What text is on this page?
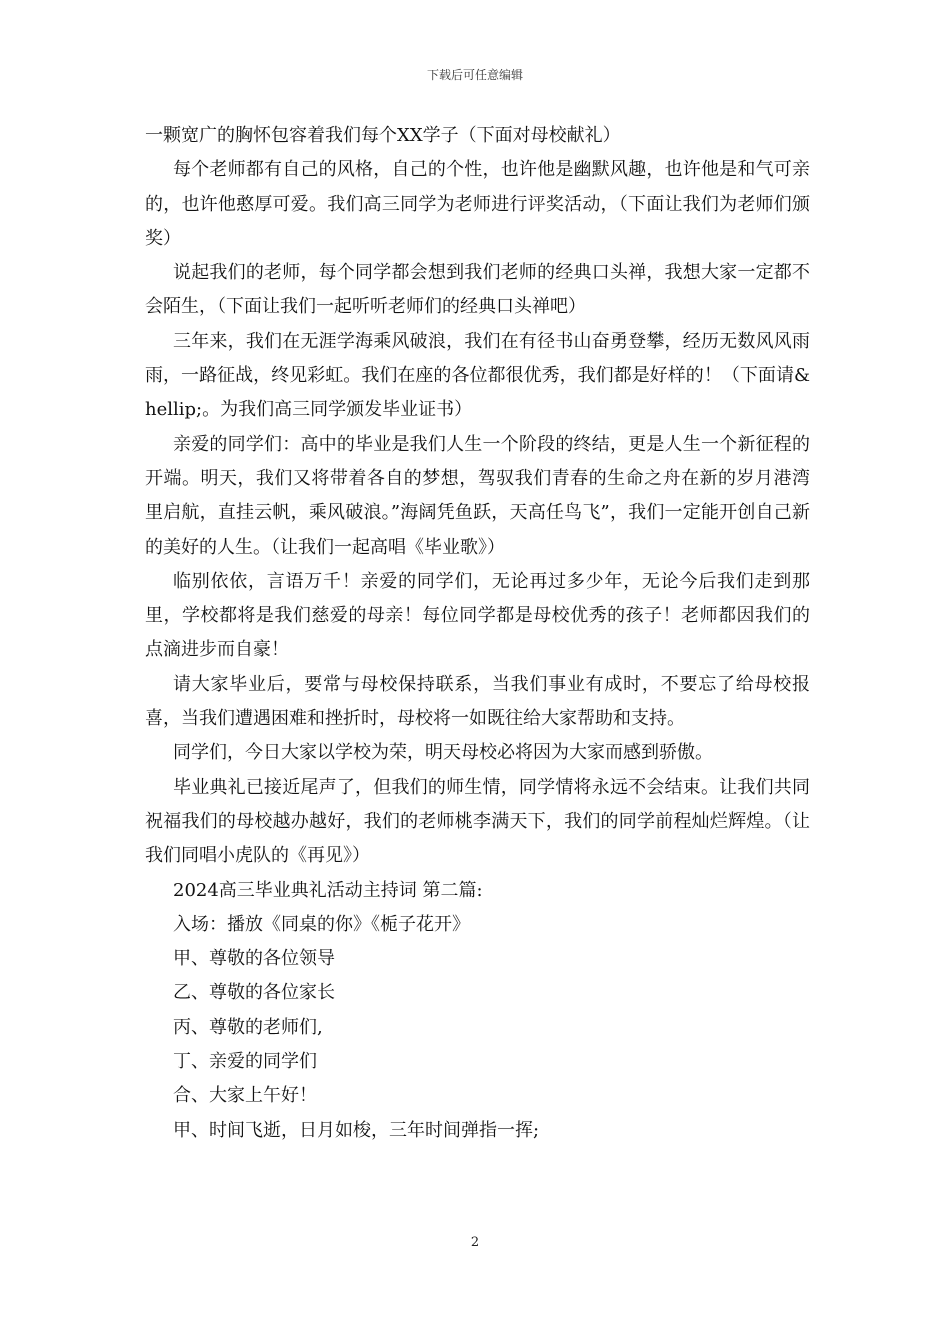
下载后可任意编辑

一颗宽广的胸怀包容着我们每个XX学子（下面对母校献礼）

每个老师都有自己的风格，自己的个性，也许他是幽默风趣，也许他是和气可亲的，也许他憨厚可爱。我们高三同学为老师进行评奖活动，（下面让我们为老师们颁奖）

说起我们的老师，每个同学都会想到我们老师的经典口头禅，我想大家一定都不会陌生，（下面让我们一起听听老师们的经典口头禅吧）

三年来，我们在无涯学海乘风破浪，我们在有径书山奋勇登攀，经历无数风风雨雨，一路征战，终见彩虹。我们在座的各位都很优秀，我们都是好样的！（下面请&hellip;。为我们高三同学颁发毕业证书）

亲爱的同学们：高中的毕业是我们人生一个阶段的终结，更是人生一个新征程的开端。明天，我们又将带着各自的梦想，驾驭我们青春的生命之舟在新的岁月港湾里启航，直挂云帆，乘风破浪。”海阔凭鱼跃，天高任鸟飞”，我们一定能开创自己新的美好的人生。（让我们一起高唱《毕业歌》）

临别依依，言语万千！亲爱的同学们，无论再过多少年，无论今后我们走到那里，学校都将是我们慈爱的母亲！每位同学都是母校优秀的孩子！老师都因我们的点滴进步而自豪！

请大家毕业后，要常与母校保持联系，当我们事业有成时，不要忘了给母校报喜，当我们遭遇困难和挫折时，母校将一如既往给大家帮助和支持。

同学们，今日大家以学校为荣，明天母校必将因为大家而感到骄傲。

毕业典礼已接近尾声了，但我们的师生情，同学情将永远不会结束。让我们共同祝福我们的母校越办越好，我们的老师桃李满天下，我们的同学前程灿烂辉煌。（让我们同唱小虎队的《再见》）

2024高三毕业典礼活动主持词 第二篇:

入场：播放《同桌的你》《栀子花开》

甲、尊敬的各位领导

乙、尊敬的各位家长

丙、尊敬的老师们,

丁、亲爱的同学们

合、大家上午好！

甲、时间飞逝，日月如梭，三年时间弹指一挥;

2
